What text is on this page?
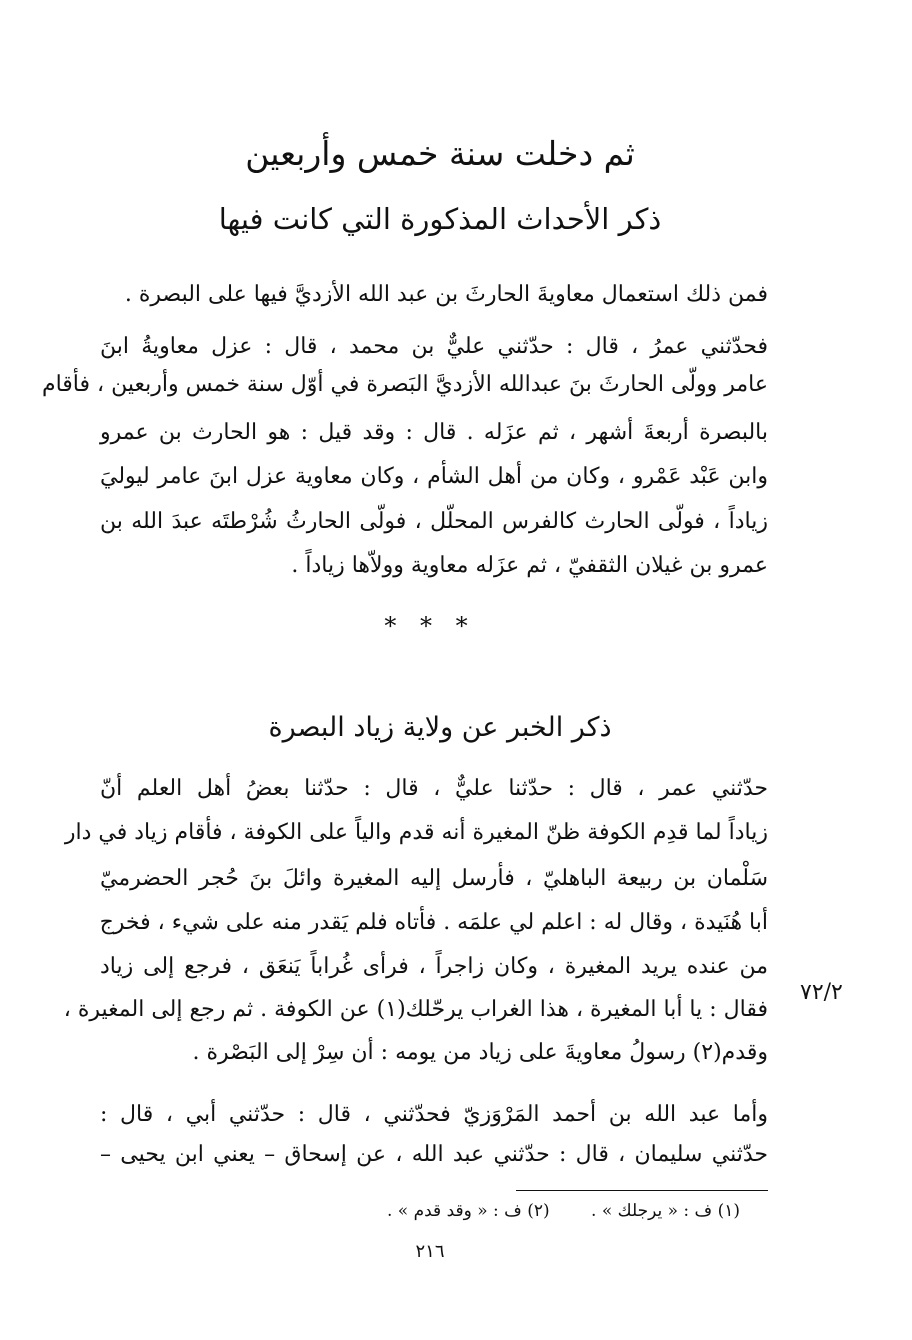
ثم دخلت سنة خمس وأربعين
ذكر الأحداث المذكورة التي كانت فيها
فمن ذلك استعمال معاويةَ الحارثَ بن عبد الله الأزديَّ فيها على البصرة .
فحدّثني عمرُ ، قال : حدّثني عليٌّ بن محمد ، قال : عزل معاويةُ ابنَ
عامر وولّى الحارثَ بنَ عبدالله الأزديَّ البَصرة في أوّل سنة خمس وأربعين ، فأقام
بالبصرة أربعةَ أشهر ، ثم عزَله . قال : وقد قيل : هو الحارث بن عمرو
وابن عَبْد عَمْرو ، وكان من أهل الشأم ، وكان معاوية عزل ابنَ عامر ليوليَ
زياداً ، فولّى الحارث كالفرس المحلّل ، فولّى الحارثُ شُرْطتَه عبدَ الله بن
عمرو بن غيلان الثقفيّ ، ثم عزَله معاوية وولاّها زياداً .
* * *
ذكر الخبر عن ولاية زياد البصرة
حدّثني عمر ، قال : حدّثنا عليٌّ ، قال : حدّثنا بعضُ أهل العلم أنّ
زياداً لما قدِم الكوفة ظنّ المغيرة أنه قدم والياً على الكوفة ، فأقام زياد في دار
سَلْمان بن ربيعة الباهليّ ، فأرسل إليه المغيرة وائلَ بنَ حُجر الحضرميّ
أبا هُنَيدة ، وقال له : اعلم لي علمَه . فأتاه فلم يَقدر منه على شيء ، فخرج
من عنده يريد المغيرة ، وكان زاجراً ، فرأى غُراباً يَنعَق ، فرجع إلى زياد
فقال : يا أبا المغيرة ، هذا الغراب يرحّلك(١) عن الكوفة . ثم رجع إلى المغيرة ،
وقدم(٢) رسولُ معاويةَ على زياد من يومه : أن سِرْ إلى البَصْرة .
٧٢/٢
وأما عبد الله بن أحمد المَرْوَزيّ فحدّثني ، قال : حدّثني أبي ، قال :
حدّثني سليمان ، قال : حدّثني عبد الله ، عن إسحاق – يعني ابن يحيى –
(١) ف : « يرجلك » . (٢) ف : « وقد قدم » .
٢١٦
